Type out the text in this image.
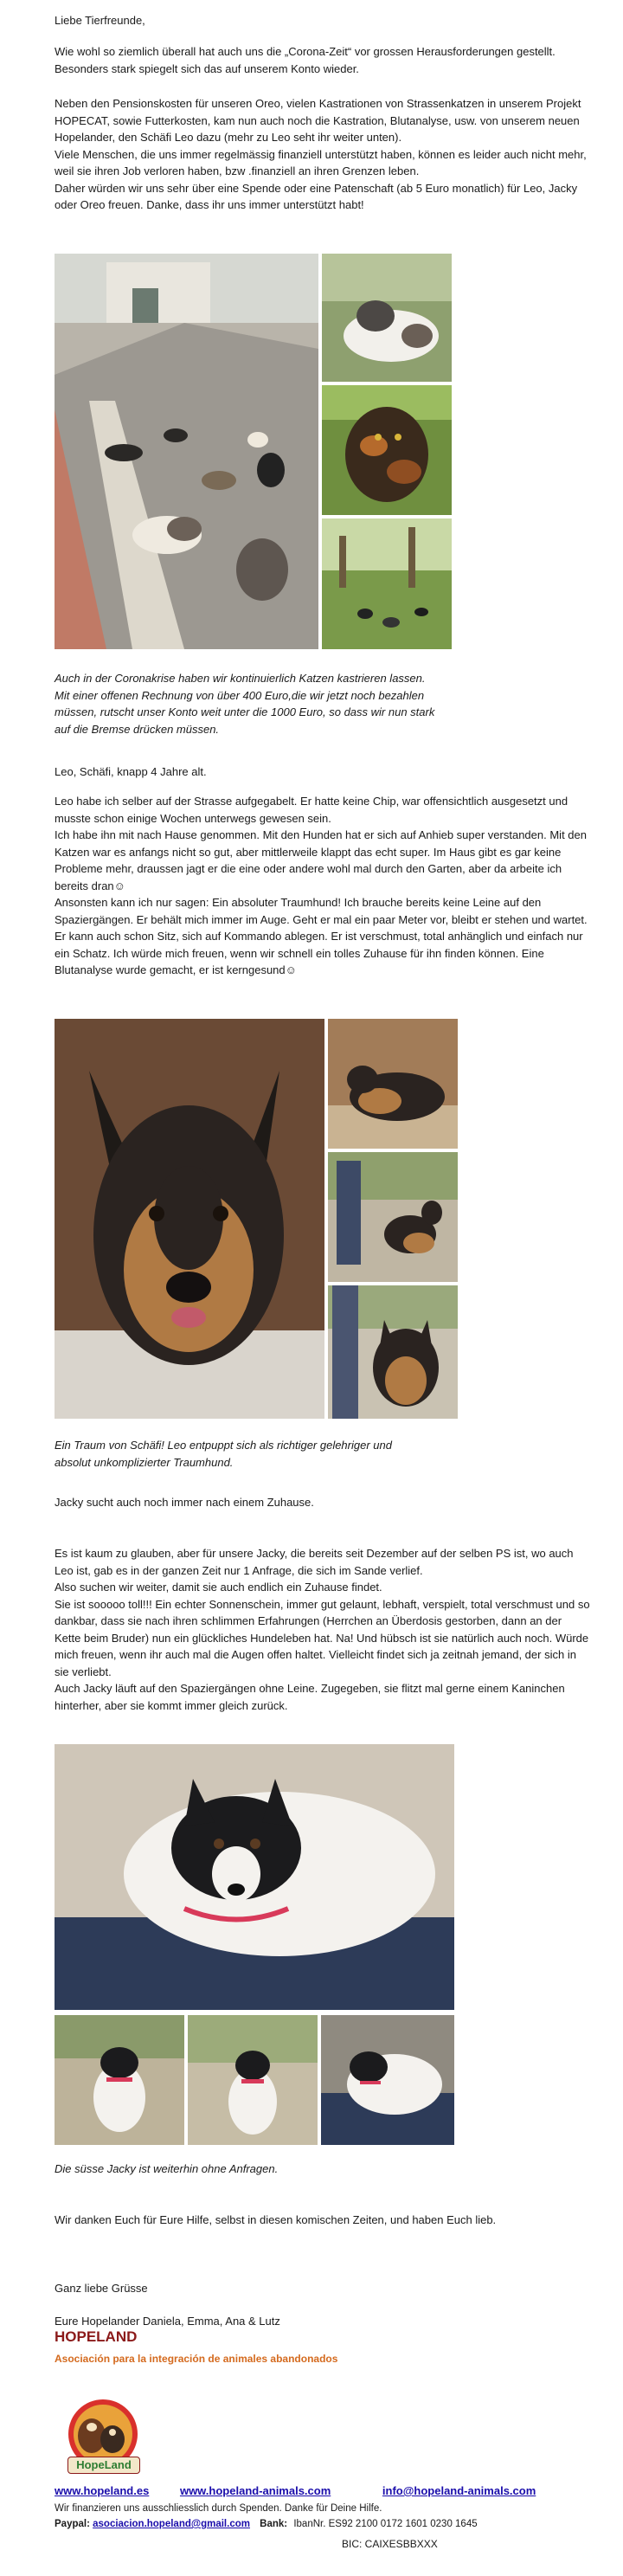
Liebe Tierfreunde,

Wie wohl so ziemlich überall hat auch uns die „Corona-Zeit“ vor grossen Herausforderungen gestellt. Besonders stark spiegelt sich das auf unserem Konto wieder.

Neben den Pensionskosten für unseren Oreo, vielen Kastrationen von Strassenkatzen in unserem Projekt HOPECAT, sowie Futterkosten, kam nun auch noch die Kastration, Blutanalyse, usw. von unserem neuen Hopelander, den Schäfi Leo dazu (mehr zu Leo seht ihr weiter unten).
Viele Menschen, die uns immer regelmässig finanziell unterstützt haben, können es leider auch nicht mehr, weil sie ihren Job verloren haben, bzw .finanziell an ihren Grenzen leben.
Daher würden wir uns sehr über eine Spende oder eine Patenschaft (ab 5 Euro monatlich) für Leo, Jacky oder Oreo freuen. Danke, dass ihr uns immer unterstützt habt!
Auch in der Coronakrise haben wir kontinuierlich Katzen kastrieren lassen.
Mit einer offenen Rechnung von über 400 Euro,die wir jetzt noch bezahlen
müssen, rutscht unser Konto weit unter die 1000 Euro, so dass wir nun stark
auf die Bremse drücken müssen.

Leo, Schäfi, knapp 4 Jahre alt.

Leo habe ich selber auf der Strasse aufgegabelt. Er hatte keine Chip, war offensichtlich ausgesetzt und musste schon einige Wochen unterwegs gewesen sein.
Ich habe ihn mit nach Hause genommen. Mit den Hunden hat er sich auf Anhieb super verstanden. Mit den Katzen war es anfangs nicht so gut, aber mittlerweile klappt das echt super. Im Haus gibt es gar keine Probleme mehr, draussen jagt er die eine oder andere wohl mal durch den Garten, aber da arbeite ich bereits dran☺
Ansonsten kann ich nur sagen: Ein absoluter Traumhund! Ich brauche bereits keine Leine auf den Spaziergängen. Er behält mich immer im Auge. Geht er mal ein paar Meter vor, bleibt er stehen und wartet. Er kann auch schon Sitz, sich auf Kommando ablegen. Er ist verschmust, total anhänglich und einfach nur ein Schatz. Ich würde mich freuen, wenn wir schnell ein tolles Zuhause für ihn finden können. Eine Blutanalyse wurde gemacht, er ist kerngesund☺
Ein Traum von Schäfi! Leo entpuppt sich als richtiger gelehriger und
absolut unkomplizierter Traumhund.

Jacky sucht auch noch immer nach einem Zuhause.

Es ist kaum zu glauben, aber für unsere Jacky, die bereits seit Dezember auf der selben PS ist, wo auch Leo ist, gab es in der ganzen Zeit nur 1 Anfrage, die sich im Sande verlief.
Also suchen wir weiter, damit sie auch endlich ein Zuhause findet.
Sie ist sooooo toll!!! Ein echter Sonnenschein, immer gut gelaunt, lebhaft, verspielt, total verschmust und so dankbar, dass sie nach ihren schlimmen Erfahrungen (Herrchen an Überdosis gestorben, dann an der Kette beim Bruder) nun ein glückliches Hundeleben hat. Na! Und hübsch ist sie natürlich auch noch. Würde mich freuen, wenn ihr auch mal die Augen offen haltet. Vielleicht findet sich ja zeitnah jemand, der sich in sie verliebt.
Auch Jacky läuft auf den Spaziergängen ohne Leine. Zugegeben, sie flitzt mal gerne einem Kaninchen hinterher, aber sie kommt immer gleich zurück.

Die süsse Jacky ist weiterhin ohne Anfragen.

Wir danken Euch für Eure Hilfe, selbst in diesen komischen Zeiten, und haben Euch lieb.

Ganz liebe Grüsse

Eure Hopelander Daniela, Emma, Ana & Lutz

HOPELAND
Asociación para la integración de animales abandonados
HopeLand
www.hopeland.es	www.hopeland-animals.com	info@hopeland-animals.com
Wir finanzieren uns ausschliesslich durch Spenden. Danke für Deine Hilfe.
Paypal: asociacion.hopeland@gmail.com Bank: IbanNr. ES92 2100 0172 1601 0230 1645
BIC: CAIXESBBXXX
